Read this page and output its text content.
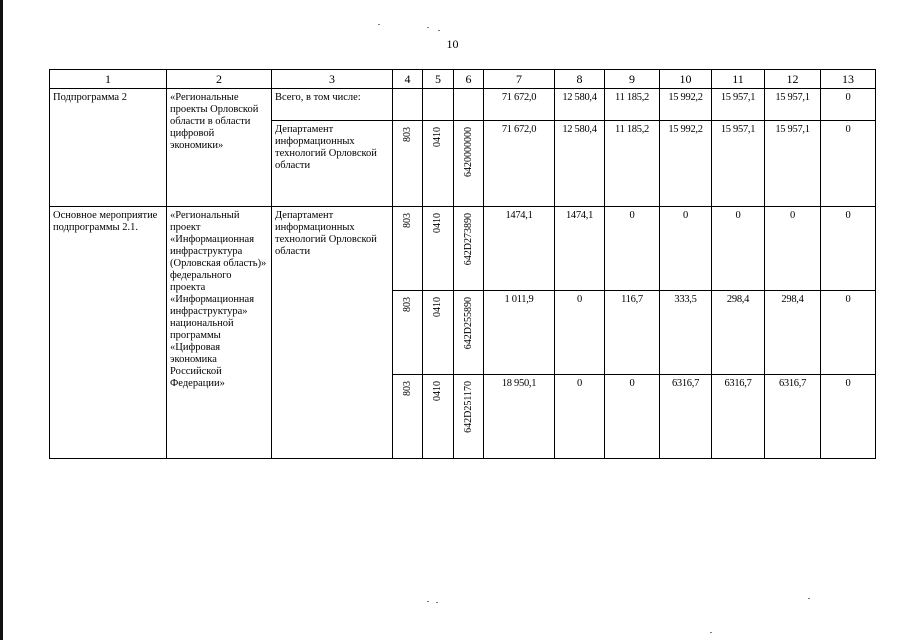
10
1	2	3	4	5	6	7	8	9	10	11	12	13
Подпрограмма 2	«Региональные проекты Орловской области в области цифровой экономики»	Всего, в том числе:				71 672,0	12 580,4	11 185,2	15 992,2	15 957,1	15 957,1	0
		Департамент информационных технологий Орловской области	803	0410	6420000000	71 672,0	12 580,4	11 185,2	15 992,2	15 957,1	15 957,1	0
Основное мероприятие подпрограммы 2.1.	«Региональный проект «Информационная инфраструктура (Орловская область)» федерального проекта «Информационная инфраструктура» национальной программы «Цифровая экономика Российской Федерации»	Департамент информационных технологий Орловской области	803	0410	642D273890	1474,1	1474,1	0	0	0	0	0

			803	0410	642D255890	1 011,9	0	116,7	333,5	298,4	298,4	0

			803	0410	642D251170	18 950,1	0	0	6316,7	6316,7	6316,7	0
